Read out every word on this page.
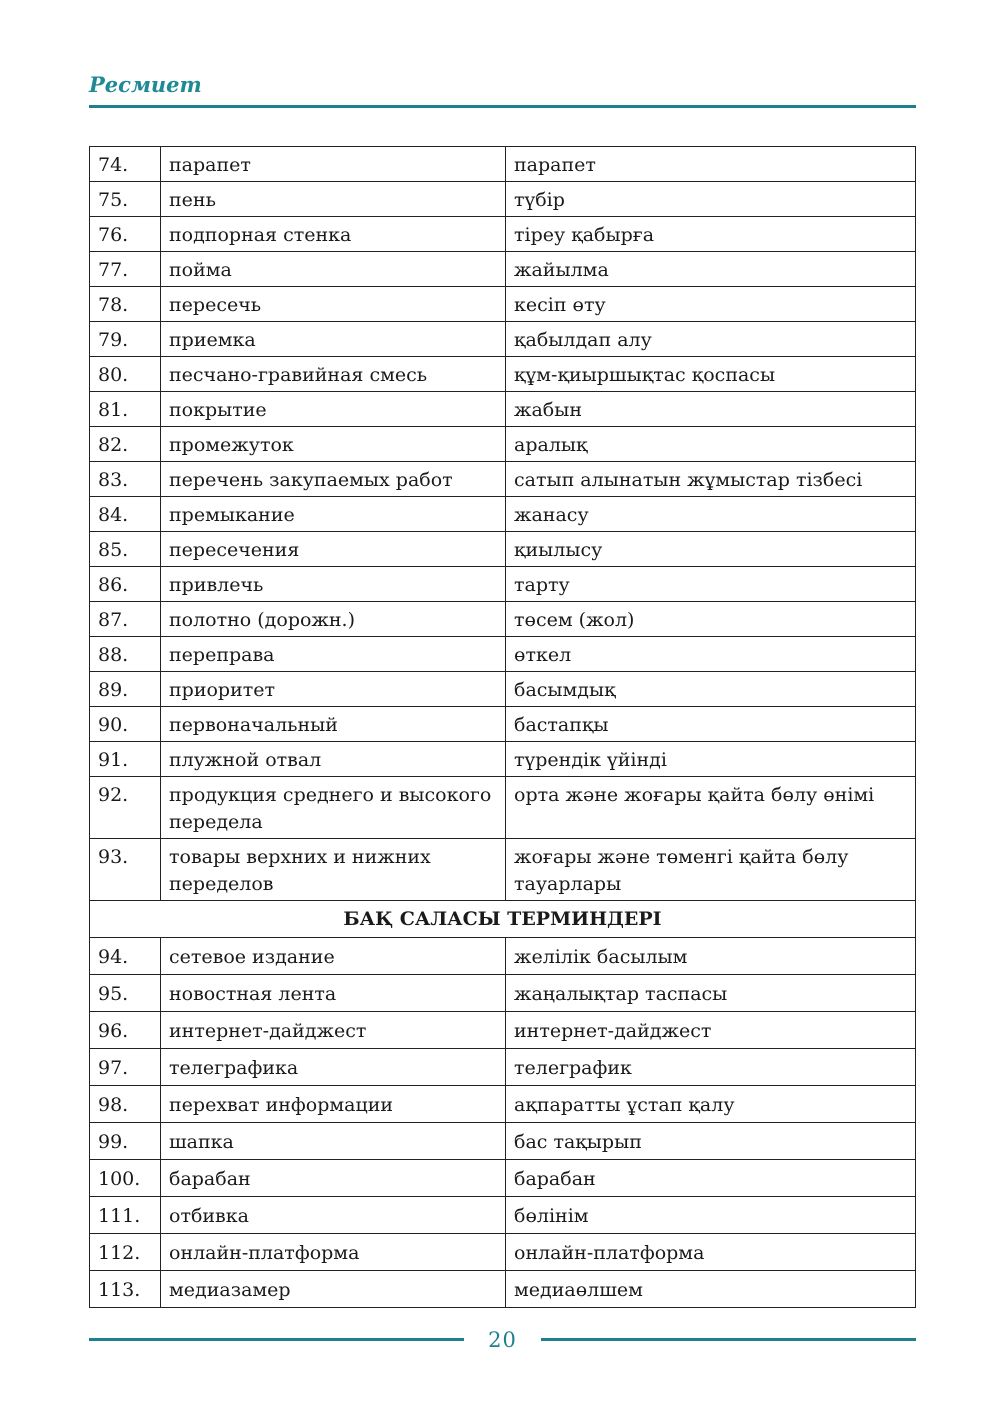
Ресмиет
74.	парапет	парапет
75.	пень	түбір
76.	подпорная стенка	тіреу қабырға
77.	пойма	жайылма
78.	пересечь	кесіп өту
79.	приемка	қабылдап алу
80.	песчано-гравийная смесь	құм-қиыршықтас қоспасы
81.	покрытие	жабын
82.	промежуток	аралық
83.	перечень закупаемых работ	сатып алынатын жұмыстар тізбесі
84.	премыкание	жанасу
85.	пересечения	қиылысу
86.	привлечь	тарту
87.	полотно (дорожн.)	төсем (жол)
88.	переправа	өткел
89.	приоритет	басымдық
90.	первоначальный	бастапқы
91.	плужной отвал	түрендік үйінді
92.	продукция среднего и высокого передела	орта және жоғары қайта бөлу өнімі
93.	товары верхних и нижних переделов	жоғары және төменгі қайта бөлу тауарлары
БАҚ САЛАСЫ ТЕРМИНДЕРІ		
94.	сетевое издание	желілік басылым
95.	новостная лента	жаңалықтар таспасы
96.	интернет-дайджест	интернет-дайджест
97.	телеграфика	телеграфик
98.	перехват информации	ақпаратты ұстап қалу
99.	шапка	бас тақырып
100.	барабан	барабан
111.	отбивка	бөлінім
112.	онлайн-платформа	онлайн-платформа
113.	медиазамер	медиаөлшем
20
